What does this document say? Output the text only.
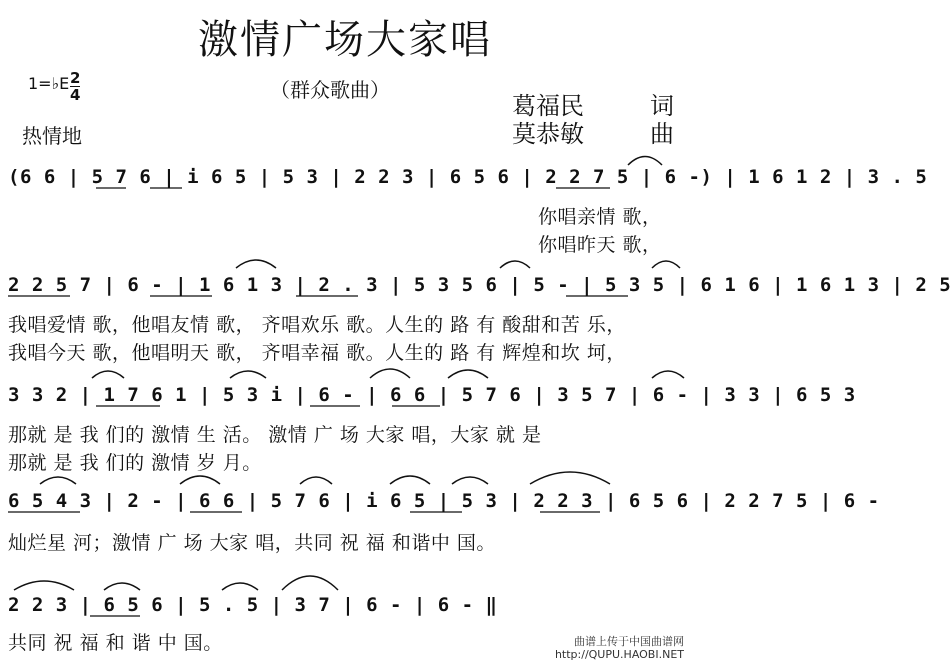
激情广场大家唱
（群众歌曲）
1=♭E 2
4
热情地
葛福民	词
莫恭敏	曲
(6 6 | 5 7 6 | i 6 5 | 5 3 | 2 2 3 | 6 5 6 | 2 2 7 5 | 6 -) | 1 6 1 2 | 3 . 5
你唱亲情 歌，
你唱昨天 歌，
2 2 5 7 | 6 - | 1 6 1 3 | 2 . 3 | 5 3 5 6 | 5 - | 5 3 5 | 6 1 6 | 1 6 1 3 | 2 5
我唱爱情 歌，他唱友情 歌， 齐唱欢乐 歌。人生的 路 有 酸甜和苦 乐，
我唱今天 歌，他唱明天 歌， 齐唱幸福 歌。人生的 路 有 辉煌和坎 坷，
3 3 2 | 1 7 6 1 | 5 3 i | 6 - | 6 6 | 5 7 6 | 3 5 7 | 6 - | 3 3 | 6 5 3
那就 是 我 们的 激情 生 活。 激情 广 场 大家 唱，大家 就 是
那就 是 我 们的 激情 岁 月。
6 5 4 3 | 2 - | 6 6 | 5 7 6 | i 6 5 | 5 3 | 2 2 3 | 6 5 6 | 2 2 7 5 | 6 -
灿烂星 河；激情 广 场 大家 唱，共同 祝 福 和谐中 国。
2 2 3 | 6 5 6 | 5 . 5 | 3 7 | 6 - | 6 - ‖
共同 祝 福 和 谐 中 国。	曲谱上传于中国曲谱网
http://QUPU.HAOBI.NET
